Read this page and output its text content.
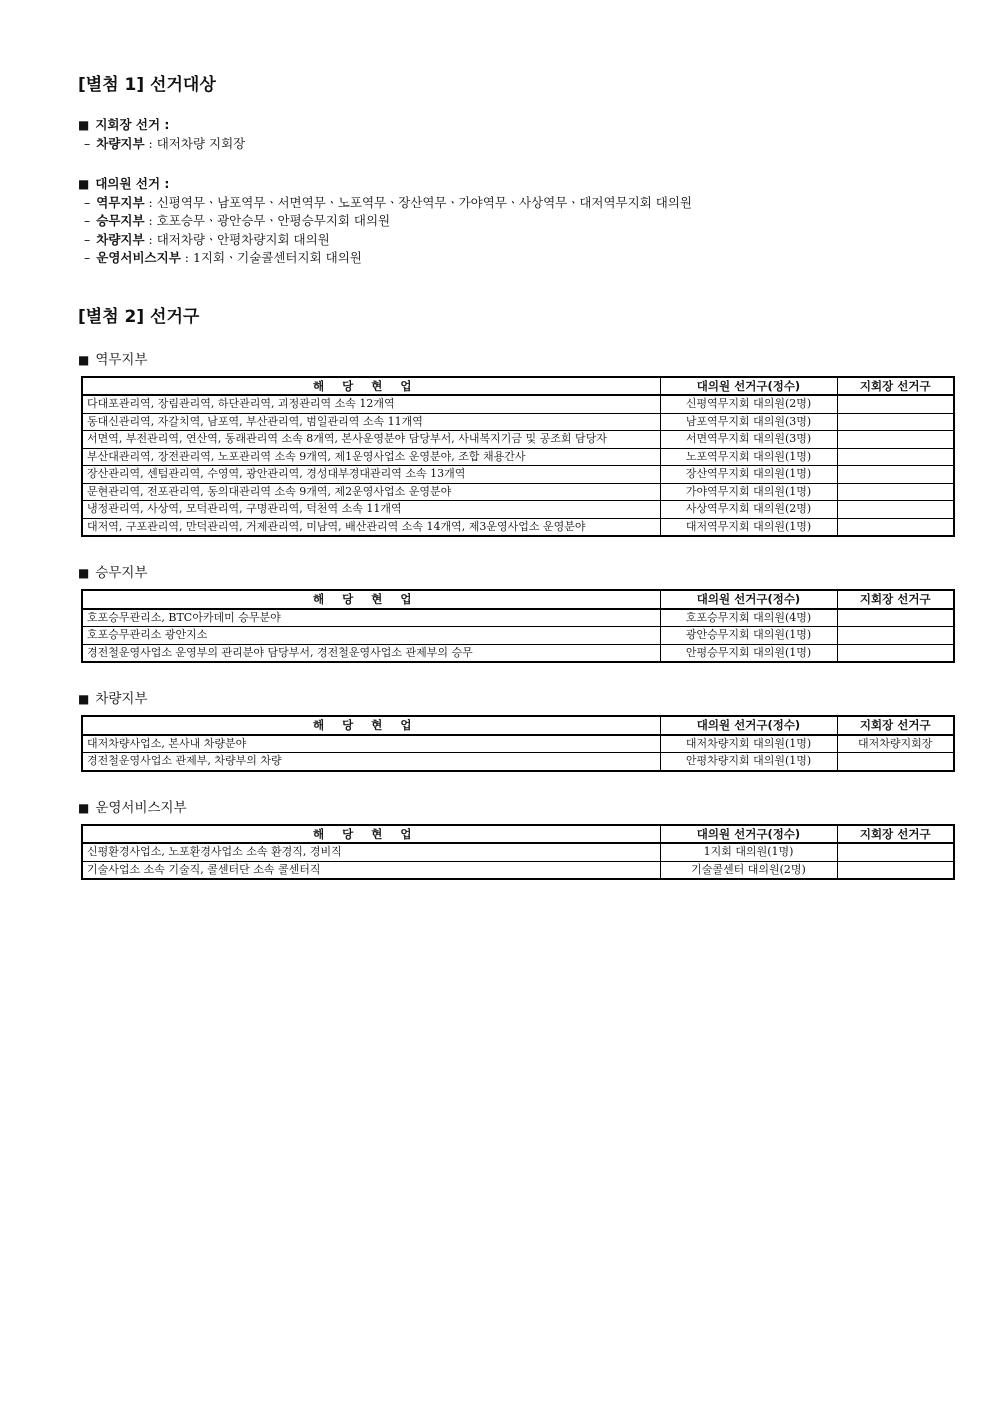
[별첨 1] 선거대상

■ 지회장 선거 :

– 차량지부 : 대저차량 지회장

■ 대의원 선거 :

– 역무지부 : 신평역무ㆍ남포역무ㆍ서면역무ㆍ노포역무ㆍ장산역무ㆍ가야역무ㆍ사상역무ㆍ대저역무지회 대의원

– 승무지부 : 호포승무ㆍ광안승무ㆍ안평승무지회 대의원

– 차량지부 : 대저차량ㆍ안평차량지회 대의원

– 운영서비스지부 : 1지회ㆍ기술콜센터지회 대의원

[별첨 2] 선거구

■ 역무지부

해당현업	대의원 선거구(정수)	지회장 선거구
다대포관리역, 장림관리역, 하단관리역, 괴정관리역 소속 12개역	신평역무지회 대의원(2명)	
동대신관리역, 자갈치역, 남포역, 부산관리역, 범일관리역 소속 11개역	남포역무지회 대의원(3명)	
서면역, 부전관리역, 연산역, 동래관리역 소속 8개역, 본사운영분야 담당부서, 사내복지기금 및 공조회 담당자	서면역무지회 대의원(3명)	
부산대관리역, 장전관리역, 노포관리역 소속 9개역, 제1운영사업소 운영분야, 조합 채용간사	노포역무지회 대의원(1명)	
장산관리역, 센텀관리역, 수영역, 광안관리역, 경성대부경대관리역 소속 13개역	장산역무지회 대의원(1명)	
문현관리역, 전포관리역, 동의대관리역 소속 9개역, 제2운영사업소 운영분야	가야역무지회 대의원(1명)	
냉정관리역, 사상역, 모덕관리역, 구명관리역, 덕천역 소속 11개역	사상역무지회 대의원(2명)	
대저역, 구포관리역, 만덕관리역, 거제관리역, 미남역, 배산관리역 소속 14개역, 제3운영사업소 운영분야	대저역무지회 대의원(1명)	

■ 승무지부

해당현업	대의원 선거구(정수)	지회장 선거구
호포승무관리소, BTC아카데미 승무분야	호포승무지회 대의원(4명)	
호포승무관리소 광안지소	광안승무지회 대의원(1명)	
경전철운영사업소 운영부의 관리분야 담당부서, 경전철운영사업소 관제부의 승무	안평승무지회 대의원(1명)	

■ 차량지부

해당현업	대의원 선거구(정수)	지회장 선거구
대저차량사업소, 본사내 차량분야	대저차량지회 대의원(1명)	대저차량지회장
경전철운영사업소 관제부, 차량부의 차량	안평차량지회 대의원(1명)	

■ 운영서비스지부

해당현업	대의원 선거구(정수)	지회장 선거구
신평환경사업소, 노포환경사업소 소속 환경직, 경비직	1지회 대의원(1명)	
기술사업소 소속 기술직, 콜센터단 소속 콜센터직	기술콜센터 대의원(2명)	
